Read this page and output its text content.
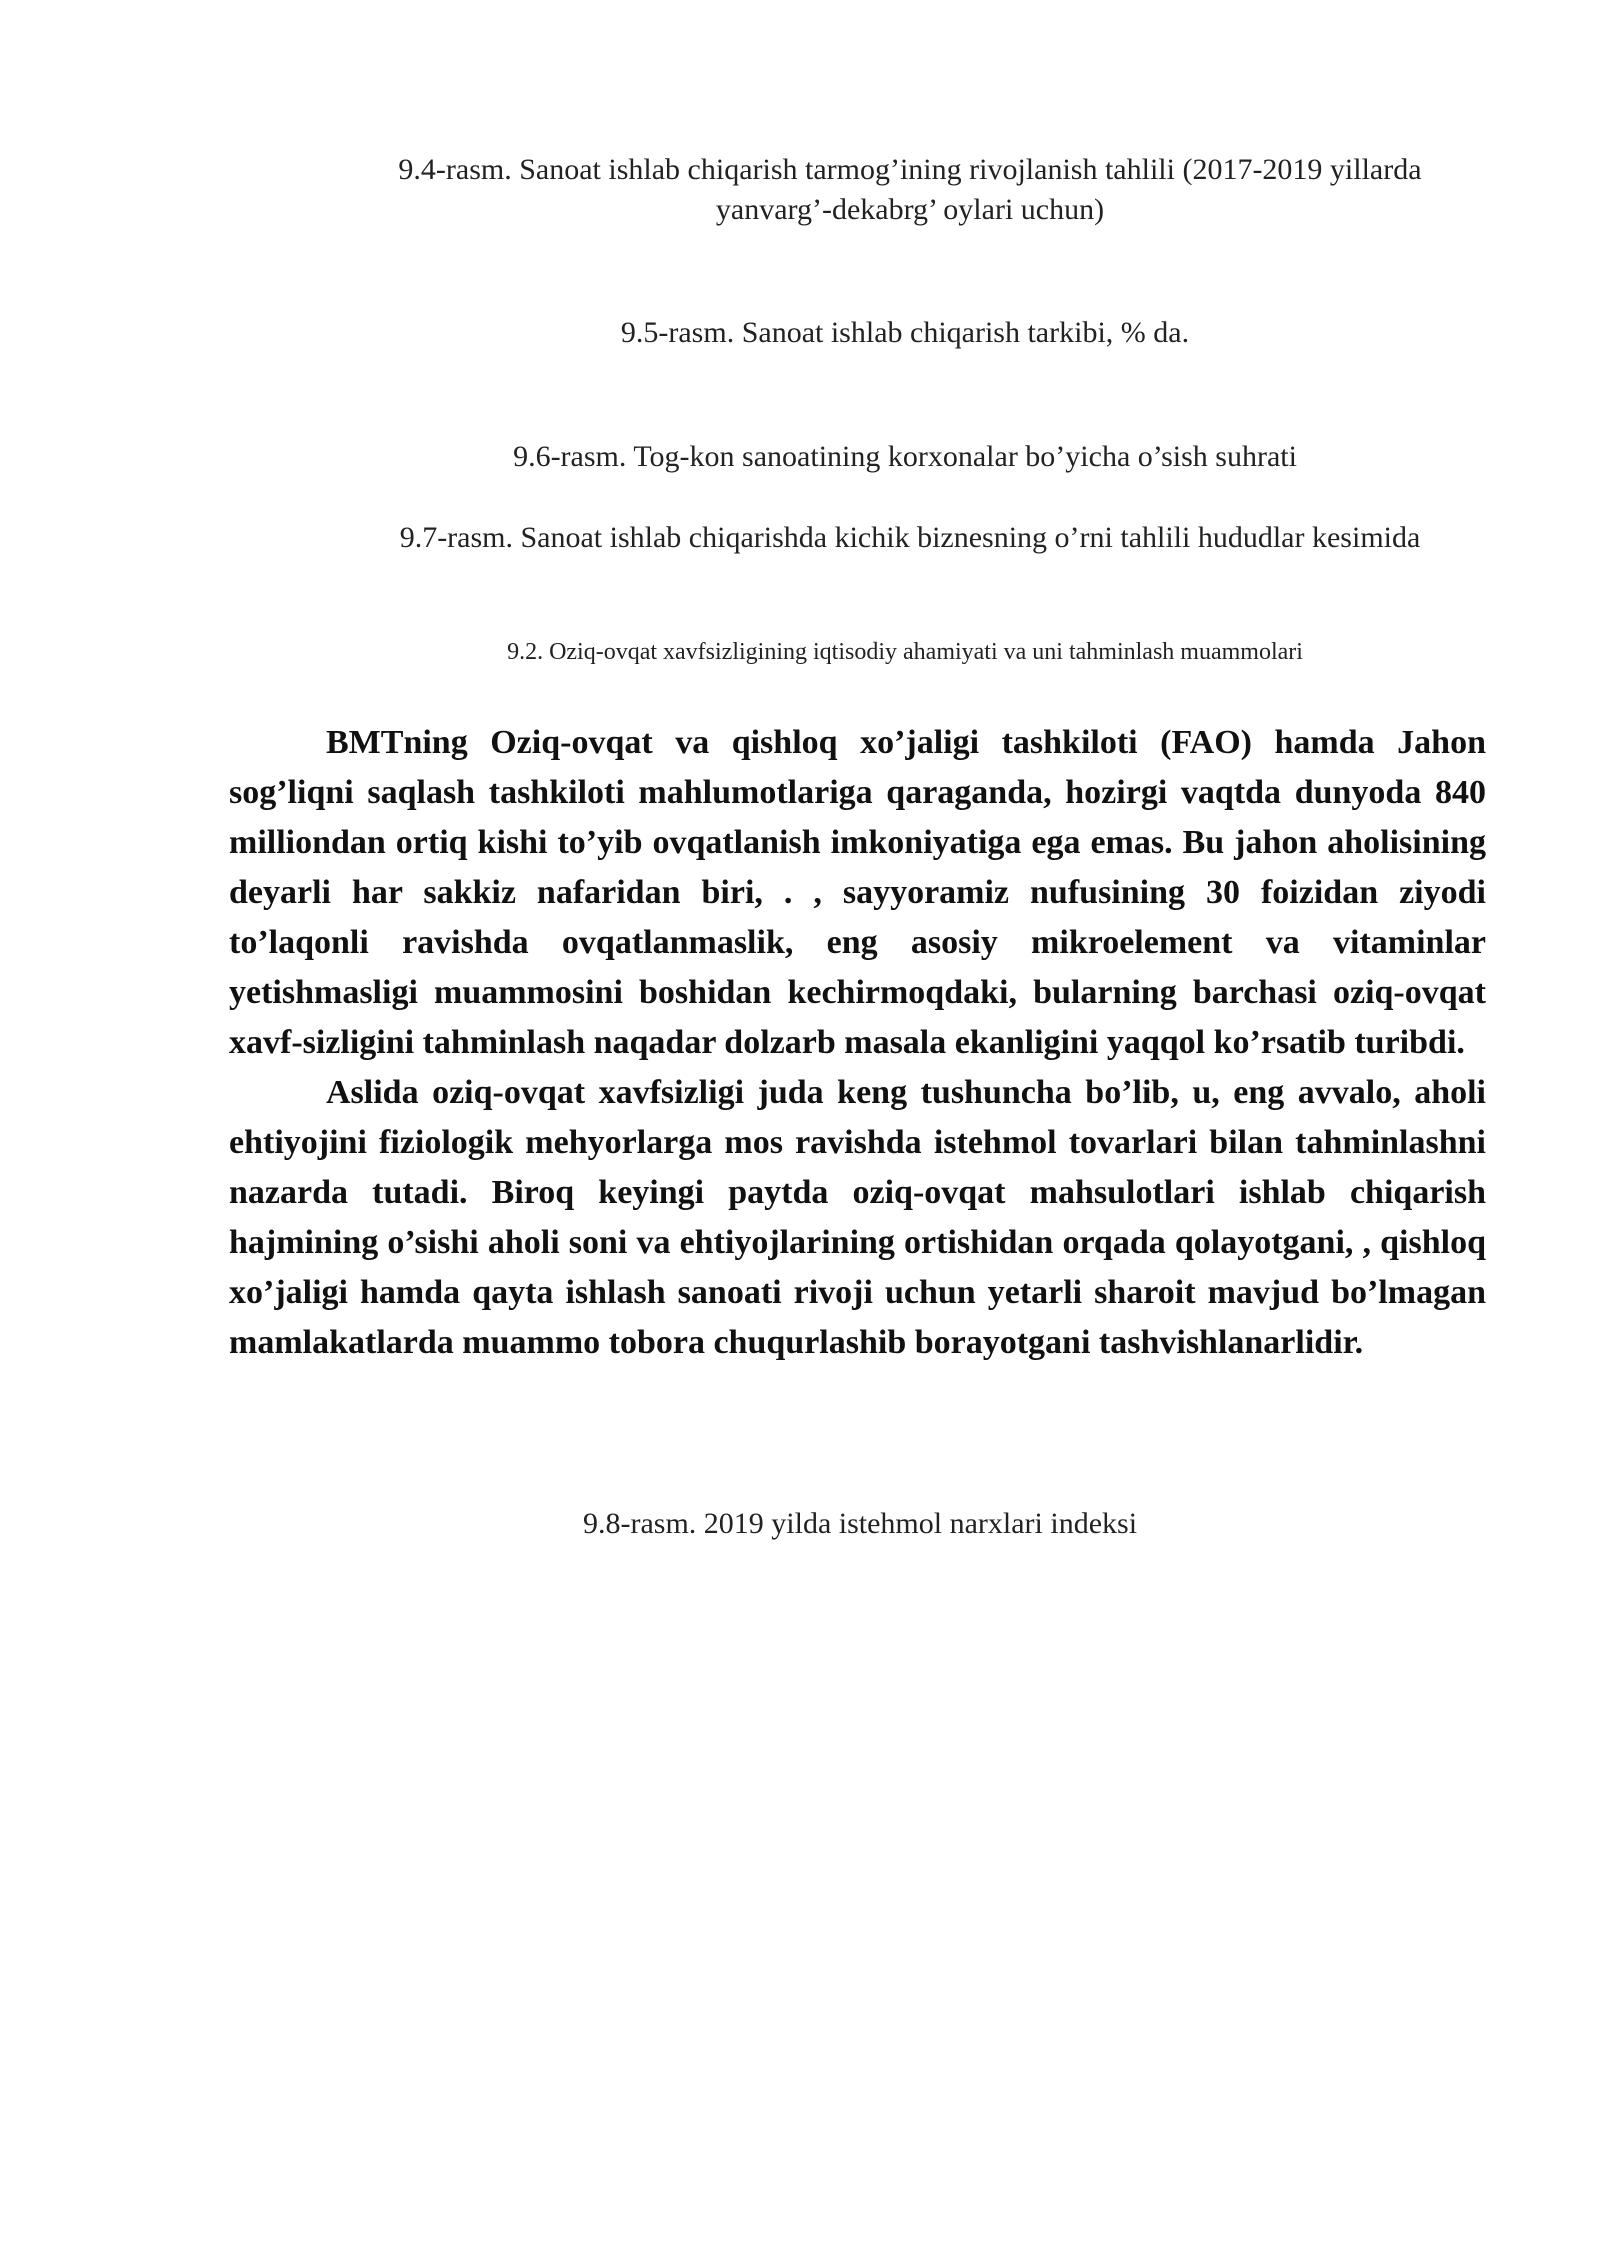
9.4-rasm. Sanoat ishlab chiqarish tarmog’ining rivojlanish tahlili (2017-2019 yillarda yanvarg’-dekabrg’ oylari uchun)
9.5-rasm. Sanoat ishlab chiqarish tarkibi, % da.
9.6-rasm. Tog-kon sanoatining korxonalar bo’yicha o’sish suhrati
9.7-rasm. Sanoat ishlab chiqarishda kichik biznesning o’rni tahlili hududlar kesimida
9.2. Oziq-ovqat xavfsizligining iqtisodiy ahamiyati va uni tahminlash muammolari

BMTning Oziq-ovqat va qishloq xo’jaligi tashkiloti (FAO) hamda Jahon sog’liqni saqlash tashkiloti mahlumotlariga qaraganda, hozirgi vaqtda dunyoda 840 milliondan ortiq kishi to’yib ovqatlanish imkoniyatiga ega emas. Bu jahon aholisining deyarli har sakkiz nafaridan biri, . , sayyoramiz nufusining 30 foizidan ziyodi to’laqonli ravishda ovqatlanmaslik, eng asosiy mikroelement va vitaminlar yetishmasligi muammosini boshidan kechirmoqdaki, bularning barchasi oziq-ovqat xavf-sizligini tahminlash naqadar dolzarb masala ekanligini yaqqol ko’rsatib turibdi.

Aslida oziq-ovqat xavfsizligi juda keng tushuncha bo’lib, u, eng avvalo, aholi ehtiyojini fiziologik mehyorlarga mos ravishda istehmol tovarlari bilan tahminlashni nazarda tutadi. Biroq keyingi paytda oziq-ovqat mahsulotlari ishlab chiqarish hajmining o’sishi aholi soni va ehtiyojlarining ortishidan orqada qolayotgani, , qishloq xo’jaligi hamda qayta ishlash sanoati rivoji uchun yetarli sharoit mavjud bo’lmagan mamlakatlarda muammo tobora chuqurlashib borayotgani tashvishlanarlidir.

9.8-rasm. 2019 yilda istehmol narxlari indeksi
